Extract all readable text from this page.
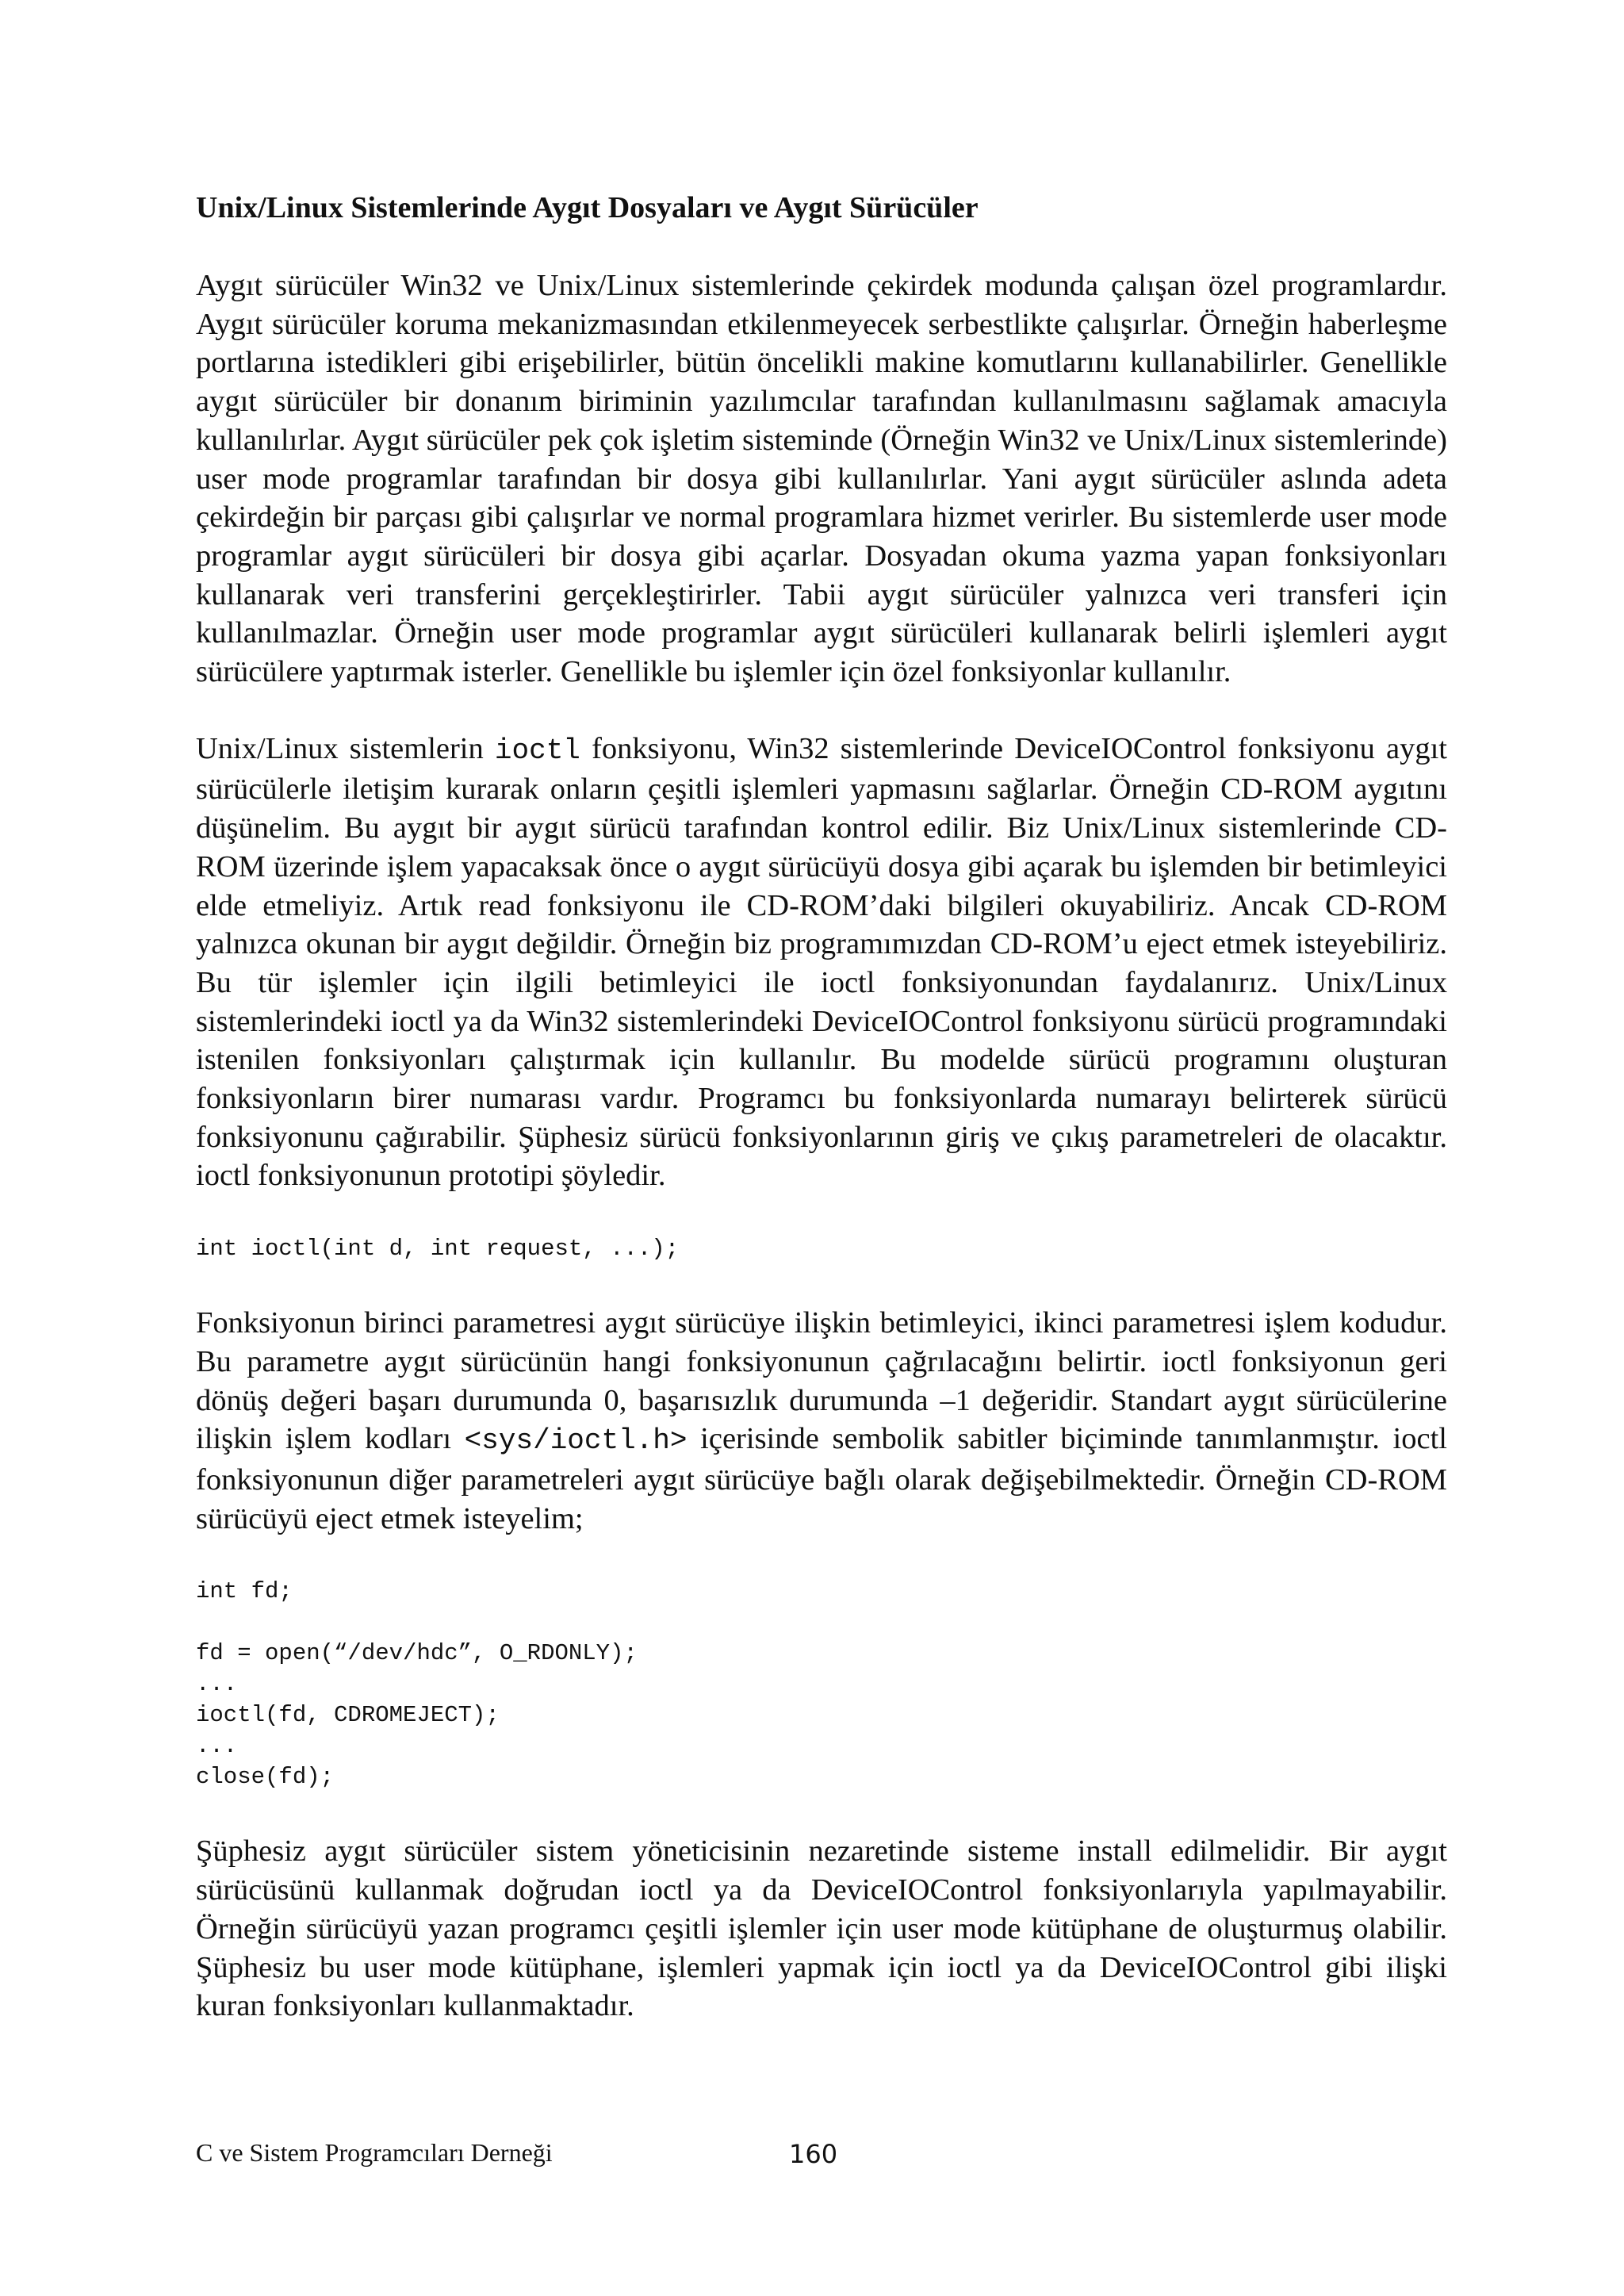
Unix/Linux Sistemlerinde Aygıt Dosyaları ve Aygıt Sürücüler

Aygıt sürücüler Win32 ve Unix/Linux sistemlerinde çekirdek modunda çalışan özel programlardır. Aygıt sürücüler koruma mekanizmasından etkilenmeyecek serbestlikte çalışırlar. Örneğin haberleşme portlarına istedikleri gibi erişebilirler, bütün öncelikli makine komutlarını kullanabilirler. Genellikle aygıt sürücüler bir donanım biriminin yazılımcılar tarafından kullanılmasını sağlamak amacıyla kullanılırlar. Aygıt sürücüler pek çok işletim sisteminde (Örneğin Win32 ve Unix/Linux sistemlerinde) user mode programlar tarafından bir dosya gibi kullanılırlar. Yani aygıt sürücüler aslında adeta çekirdeğin bir parçası gibi çalışırlar ve normal programlara hizmet verirler. Bu sistemlerde user mode programlar aygıt sürücüleri bir dosya gibi açarlar. Dosyadan okuma yazma yapan fonksiyonları kullanarak veri transferini gerçekleştirirler. Tabii aygıt sürücüler yalnızca veri transferi için kullanılmazlar. Örneğin user mode programlar aygıt sürücüleri kullanarak belirli işlemleri aygıt sürücülere yaptırmak isterler. Genellikle bu işlemler için özel fonksiyonlar kullanılır.

Unix/Linux sistemlerin ioctl fonksiyonu, Win32 sistemlerinde DeviceIOControl fonksiyonu aygıt sürücülerle iletişim kurarak onların çeşitli işlemleri yapmasını sağlarlar. Örneğin CD-ROM aygıtını düşünelim. Bu aygıt bir aygıt sürücü tarafından kontrol edilir. Biz Unix/Linux sistemlerinde CD-ROM üzerinde işlem yapacaksak önce o aygıt sürücüyü dosya gibi açarak bu işlemden bir betimleyici elde etmeliyiz. Artık read fonksiyonu ile CD-ROM’daki bilgileri okuyabiliriz. Ancak CD-ROM yalnızca okunan bir aygıt değildir. Örneğin biz programımızdan CD-ROM’u eject etmek isteyebiliriz. Bu tür işlemler için ilgili betimleyici ile ioctl fonksiyonundan faydalanırız. Unix/Linux sistemlerindeki ioctl ya da Win32 sistemlerindeki DeviceIOControl fonksiyonu sürücü programındaki istenilen fonksiyonları çalıştırmak için kullanılır. Bu modelde sürücü programını oluşturan fonksiyonların birer numarası vardır. Programcı bu fonksiyonlarda numarayı belirterek sürücü fonksiyonunu çağırabilir. Şüphesiz sürücü fonksiyonlarının giriş ve çıkış parametreleri de olacaktır. ioctl fonksiyonunun prototipi şöyledir.

int ioctl(int d, int request, ...);

Fonksiyonun birinci parametresi aygıt sürücüye ilişkin betimleyici, ikinci parametresi işlem kodudur. Bu parametre aygıt sürücünün hangi fonksiyonunun çağrılacağını belirtir. ioctl fonksiyonun geri dönüş değeri başarı durumunda 0, başarısızlık durumunda –1 değeridir. Standart aygıt sürücülerine ilişkin işlem kodları <sys/ioctl.h> içerisinde sembolik sabitler biçiminde tanımlanmıştır. ioctl fonksiyonunun diğer parametreleri aygıt sürücüye bağlı olarak değişebilmektedir. Örneğin CD-ROM sürücüyü eject etmek isteyelim;

int fd;
fd = open(“/dev/hdc”, O_RDONLY);
...
ioctl(fd, CDROMEJECT);
...
close(fd);

Şüphesiz aygıt sürücüler sistem yöneticisinin nezaretinde sisteme install edilmelidir. Bir aygıt sürücüsünü kullanmak doğrudan ioctl ya da DeviceIOControl fonksiyonlarıyla yapılmayabilir. Örneğin sürücüyü yazan programcı çeşitli işlemler için user mode kütüphane de oluşturmuş olabilir. Şüphesiz bu user mode kütüphane, işlemleri yapmak için ioctl ya da DeviceIOControl gibi ilişki kuran fonksiyonları kullanmaktadır.

C ve Sistem Programcıları Derneği	160
